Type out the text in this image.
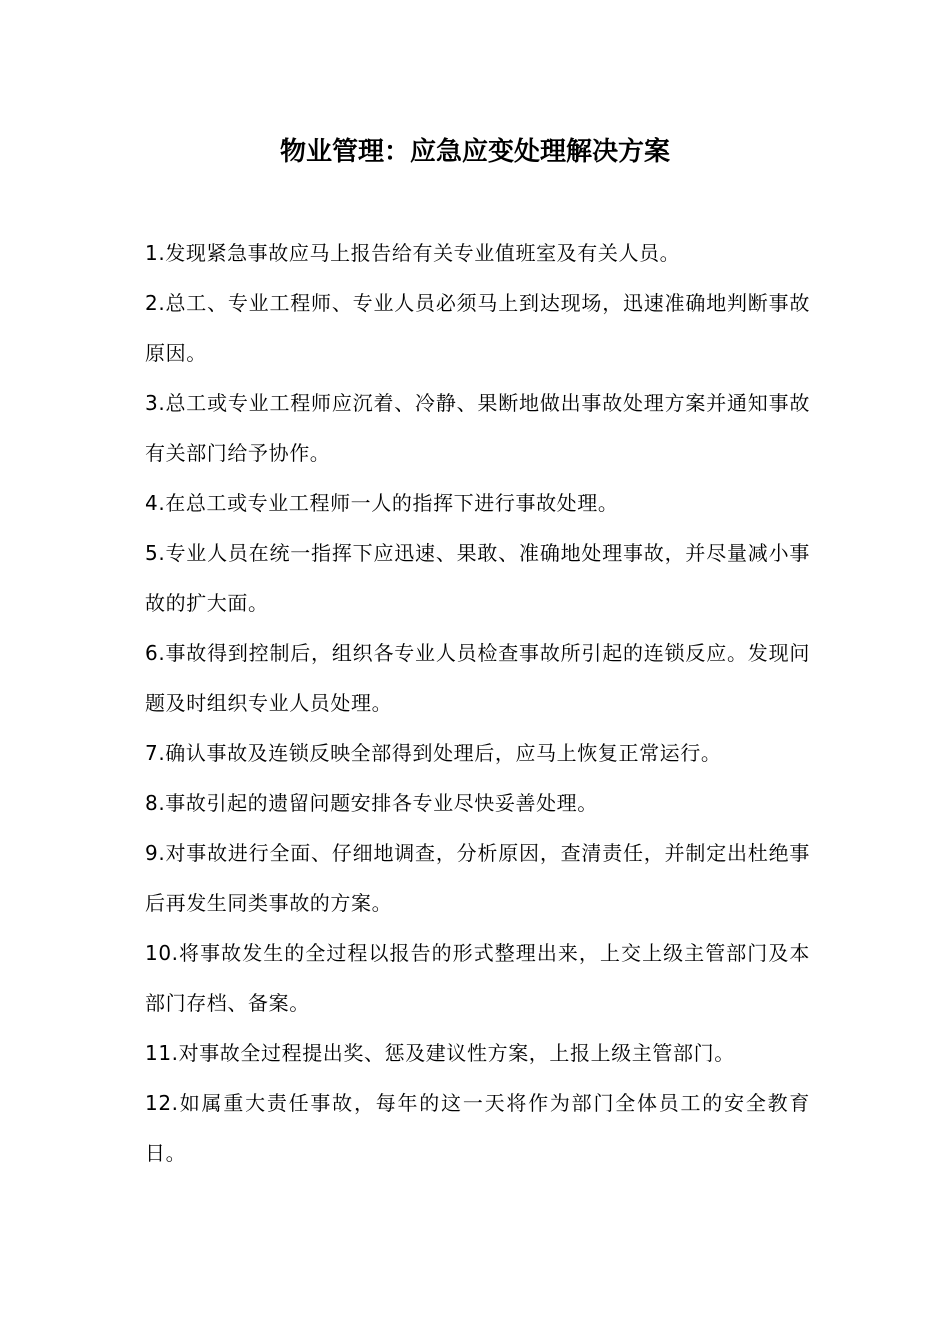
物业管理：应急应变处理解决方案
1.发现紧急事故应马上报告给有关专业值班室及有关人员。
2.总工、专业工程师、专业人员必须马上到达现场，迅速准确地判断事故原因。
3.总工或专业工程师应沉着、冷静、果断地做出事故处理方案并通知事故有关部门给予协作。
4.在总工或专业工程师一人的指挥下进行事故处理。
5.专业人员在统一指挥下应迅速、果敢、准确地处理事故，并尽量减小事故的扩大面。
6.事故得到控制后，组织各专业人员检查事故所引起的连锁反应。发现问题及时组织专业人员处理。
7.确认事故及连锁反映全部得到处理后，应马上恢复正常运行。
8.事故引起的遗留问题安排各专业尽快妥善处理。
9.对事故进行全面、仔细地调查，分析原因，查清责任，并制定出杜绝事后再发生同类事故的方案。
10.将事故发生的全过程以报告的形式整理出来，上交上级主管部门及本部门存档、备案。
11.对事故全过程提出奖、惩及建议性方案，上报上级主管部门。
12.如属重大责任事故，每年的这一天将作为部门全体员工的安全教育日。
